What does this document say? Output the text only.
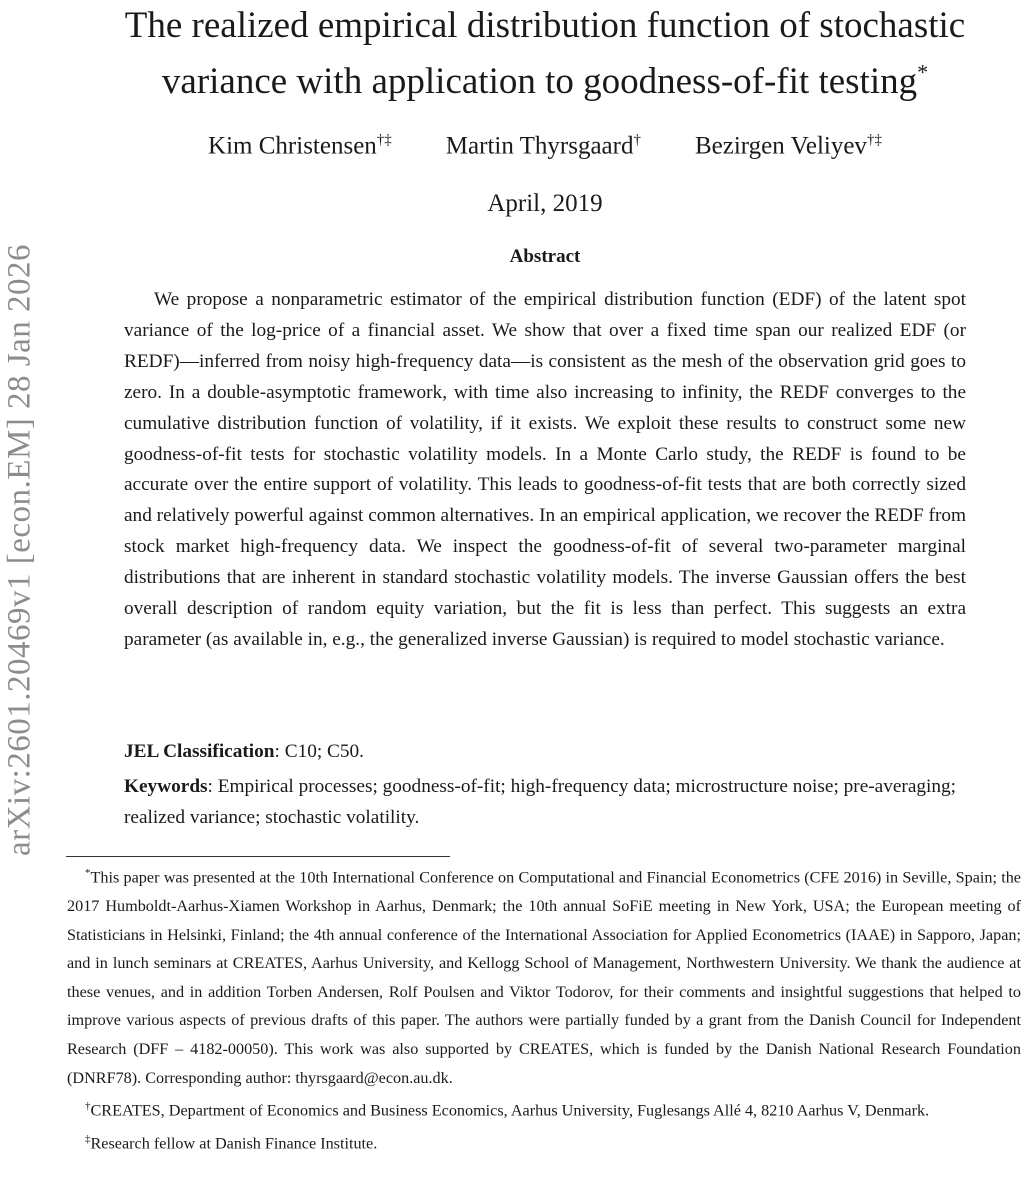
arXiv:2601.20469v1 [econ.EM] 28 Jan 2026
The realized empirical distribution function of stochastic
variance with application to goodness-of-fit testing*
Kim Christensen†‡ Martin Thyrsgaard† Bezirgen Veliyev†‡
April, 2019
Abstract

We propose a nonparametric estimator of the empirical distribution function (EDF) of the latent spot variance of the log-price of a financial asset. We show that over a fixed time span our realized EDF (or REDF)—inferred from noisy high-frequency data—is consistent as the mesh of the observation grid goes to zero. In a double-asymptotic framework, with time also increasing to infinity, the REDF converges to the cumulative distribution function of volatility, if it exists. We exploit these results to construct some new goodness-of-fit tests for stochastic volatility models. In a Monte Carlo study, the REDF is found to be accurate over the entire support of volatility. This leads to goodness-of-fit tests that are both correctly sized and relatively powerful against common alternatives. In an empirical application, we recover the REDF from stock market high-frequency data. We inspect the goodness-of-fit of several two-parameter marginal distributions that are inherent in standard stochastic volatility models. The inverse Gaussian offers the best overall description of random equity variation, but the fit is less than perfect. This suggests an extra parameter (as available in, e.g., the generalized inverse Gaussian) is required to model stochastic variance.

JEL Classification: C10; C50.

Keywords: Empirical processes; goodness-of-fit; high-frequency data; microstructure noise; pre-averaging; realized variance; stochastic volatility.

*This paper was presented at the 10th International Conference on Computational and Financial Econometrics (CFE 2016) in Seville, Spain; the 2017 Humboldt-Aarhus-Xiamen Workshop in Aarhus, Denmark; the 10th annual SoFiE meeting in New York, USA; the European meeting of Statisticians in Helsinki, Finland; the 4th annual conference of the International Association for Applied Econometrics (IAAE) in Sapporo, Japan; and in lunch seminars at CREATES, Aarhus University, and Kellogg School of Management, Northwestern University. We thank the audience at these venues, and in addition Torben Andersen, Rolf Poulsen and Viktor Todorov, for their comments and insightful suggestions that helped to improve various aspects of previous drafts of this paper. The authors were partially funded by a grant from the Danish Council for Independent Research (DFF – 4182-00050). This work was also supported by CREATES, which is funded by the Danish National Research Foundation (DNRF78). Corresponding author: thyrsgaard@econ.au.dk.

†CREATES, Department of Economics and Business Economics, Aarhus University, Fuglesangs Allé 4, 8210 Aarhus V, Denmark.

‡Research fellow at Danish Finance Institute.
